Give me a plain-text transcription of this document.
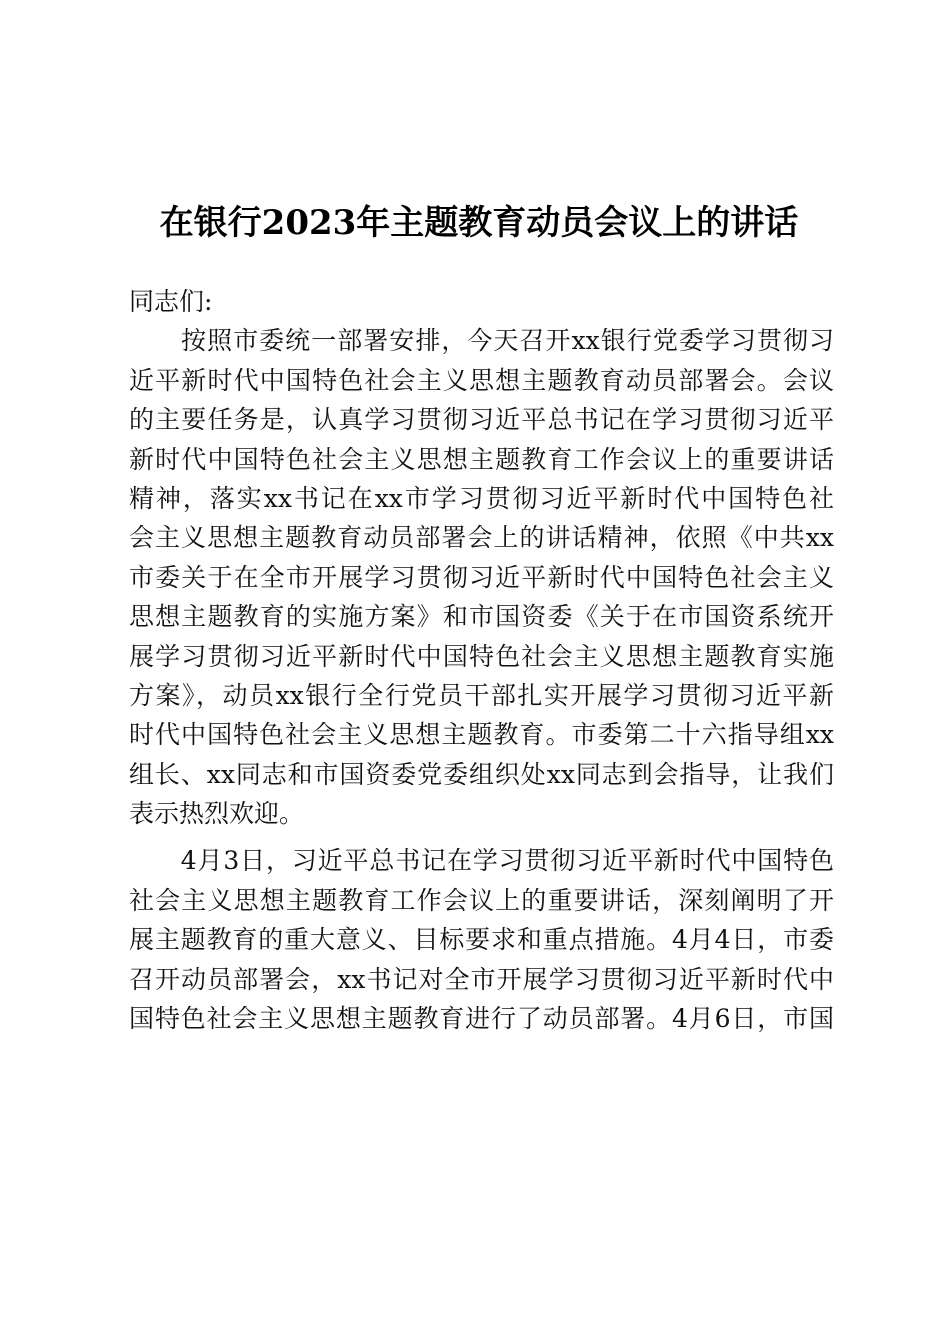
在银行2023年主题教育动员会议上的讲话
同志们:
　　按照市委统一部署安排，今天召开xx银行党委学习贯彻习
近平新时代中国特色社会主义思想主题教育动员部署会。会议
的主要任务是，认真学习贯彻习近平总书记在学习贯彻习近平
新时代中国特色社会主义思想主题教育工作会议上的重要讲话
精神，落实xx书记在xx市学习贯彻习近平新时代中国特色社
会主义思想主题教育动员部署会上的讲话精神，依照《中共xx
市委关于在全市开展学习贯彻习近平新时代中国特色社会主义
思想主题教育的实施方案》和市国资委《关于在市国资系统开
展学习贯彻习近平新时代中国特色社会主义思想主题教育实施
方案》，动员xx银行全行党员干部扎实开展学习贯彻习近平新
时代中国特色社会主义思想主题教育。市委第二十六指导组xx
组长、xx同志和市国资委党委组织处xx同志到会指导，让我们
表示热烈欢迎。
　　4月3日，习近平总书记在学习贯彻习近平新时代中国特色
社会主义思想主题教育工作会议上的重要讲话，深刻阐明了开
展主题教育的重大意义、目标要求和重点措施。4月4日，市委
召开动员部署会，xx书记对全市开展学习贯彻习近平新时代中
国特色社会主义思想主题教育进行了动员部署。4月6日，市国
